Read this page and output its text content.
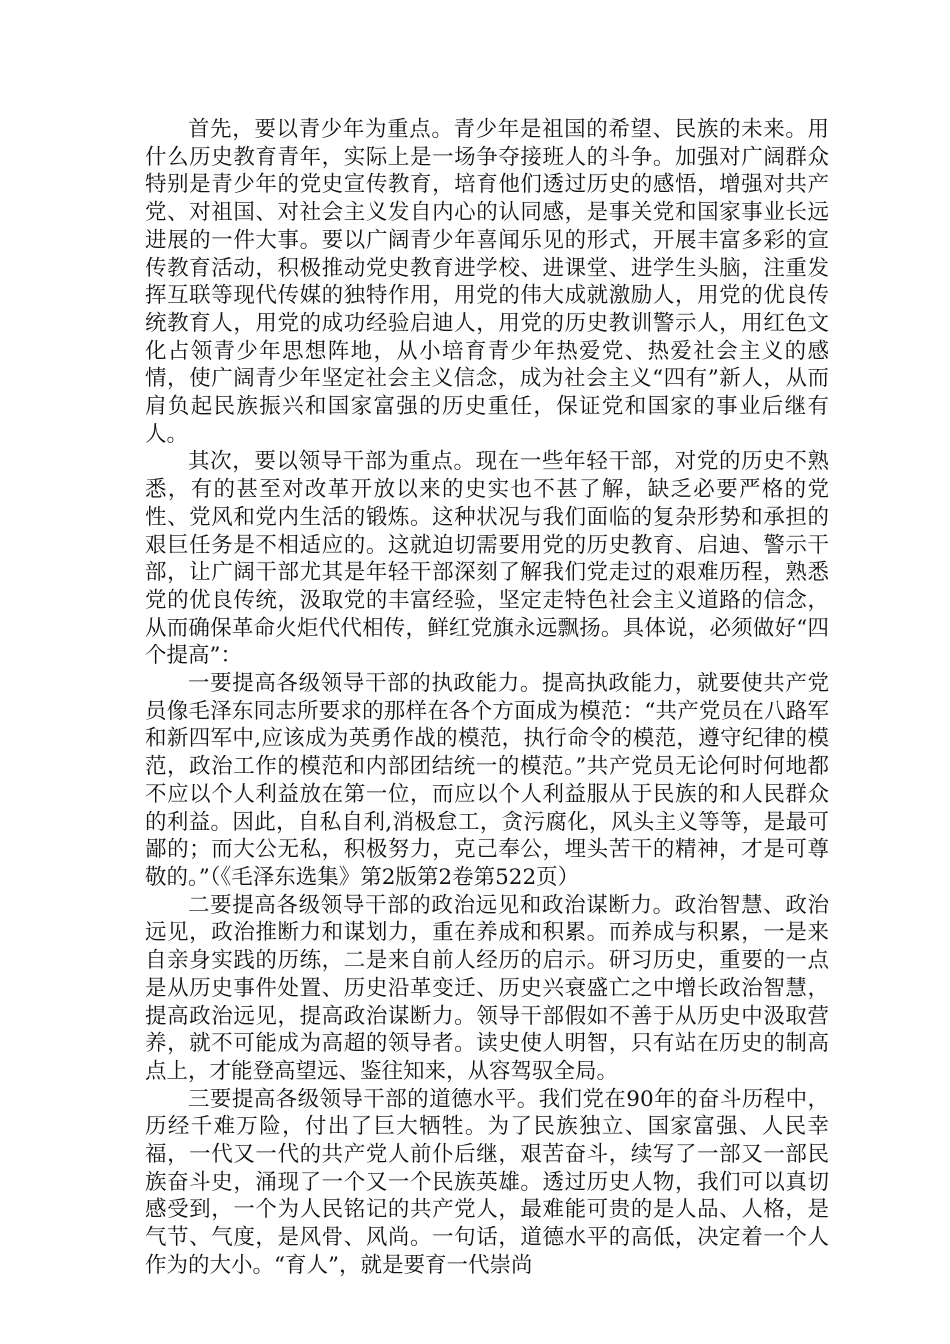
首先，要以青少年为重点。青少年是祖国的希望、民族的未来。用什么历史教育青年，实际上是一场争夺接班人的斗争。加强对广阔群众特别是青少年的党史宣传教育，培育他们透过历史的感悟，增强对共产党、对祖国、对社会主义发自内心的认同感，是事关党和国家事业长远进展的一件大事。要以广阔青少年喜闻乐见的形式，开展丰富多彩的宣传教育活动，积极推动党史教育进学校、进课堂、进学生头脑，注重发挥互联等现代传媒的独特作用，用党的伟大成就激励人，用党的优良传统教育人，用党的成功经验启迪人，用党的历史教训警示人，用红色文化占领青少年思想阵地，从小培育青少年热爱党、热爱社会主义的感情，使广阔青少年坚定社会主义信念，成为社会主义“四有”新人，从而肩负起民族振兴和国家富强的历史重任，保证党和国家的事业后继有人。

其次，要以领导干部为重点。现在一些年轻干部，对党的历史不熟悉，有的甚至对改革开放以来的史实也不甚了解，缺乏必要严格的党性、党风和党内生活的锻炼。这种状况与我们面临的复杂形势和承担的艰巨任务是不相适应的。这就迫切需要用党的历史教育、启迪、警示干部，让广阔干部尤其是年轻干部深刻了解我们党走过的艰难历程，熟悉党的优良传统，汲取党的丰富经验，坚定走特色社会主义道路的信念，从而确保革命火炬代代相传，鲜红党旗永远飘扬。具体说，必须做好“四个提高”：

一要提高各级领导干部的执政能力。提高执政能力，就要使共产党员像毛泽东同志所要求的那样在各个方面成为模范：“共产党员在八路军和新四军中,应该成为英勇作战的模范，执行命令的模范，遵守纪律的模范，政治工作的模范和内部团结统一的模范。”共产党员无论何时何地都不应以个人利益放在第一位，而应以个人利益服从于民族的和人民群众的利益。因此，自私自利,消极怠工，贪污腐化，风头主义等等，是最可鄙的；而大公无私，积极努力，克己奉公，埋头苦干的精神，才是可尊敬的。”（《毛泽东选集》第2版第2卷第522页）

二要提高各级领导干部的政治远见和政治谋断力。政治智慧、政治远见，政治推断力和谋划力，重在养成和积累。而养成与积累，一是来自亲身实践的历练，二是来自前人经历的启示。研习历史，重要的一点是从历史事件处置、历史沿革变迁、历史兴衰盛亡之中增长政治智慧，提高政治远见，提高政治谋断力。领导干部假如不善于从历史中汲取营养，就不可能成为高超的领导者。读史使人明智，只有站在历史的制高点上，才能登高望远、鉴往知来，从容驾驭全局。

三要提高各级领导干部的道德水平。我们党在90年的奋斗历程中，历经千难万险，付出了巨大牺牲。为了民族独立、国家富强、人民幸福，一代又一代的共产党人前仆后继，艰苦奋斗，续写了一部又一部民族奋斗史，涌现了一个又一个民族英雄。透过历史人物，我们可以真切感受到，一个为人民铭记的共产党人，最难能可贵的是人品、人格，是气节、气度，是风骨、风尚。一句话，道德水平的高低，决定着一个人作为的大小。“育人”，就是要育一代崇尚
